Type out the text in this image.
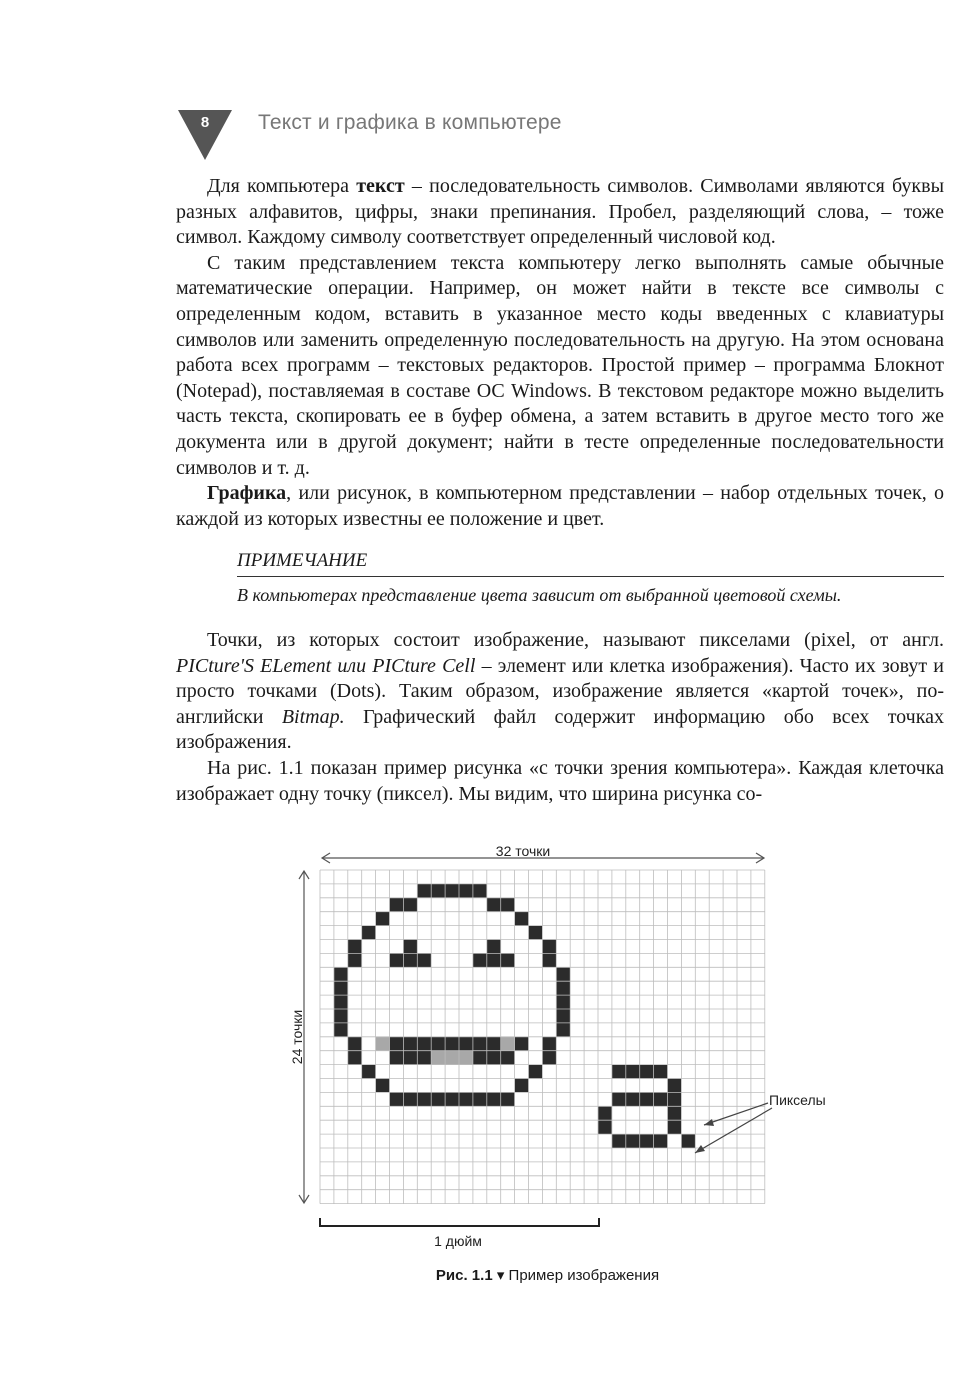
8	Текст и графика в компьютере

Для компьютера текст – последовательность символов. Символами являются буквы разных алфавитов, цифры, знаки препинания. Пробел, разделяющий слова, – тоже символ. Каждому символу соответствует определенный числовой код.

С таким представлением текста компьютеру легко выполнять самые обычные математические операции. Например, он может найти в тексте все символы с определенным кодом, вставить в указанное место коды введенных с клавиатуры символов или заменить определенную последовательность на другую. На этом основана работа всех программ – текстовых редакторов. Простой пример – программа Блокнот (Notepad), поставляемая в составе ОС Windows. В текстовом редакторе можно выделить часть текста, скопировать ее в буфер обмена, а затем вставить в другое место того же документа или в другой документ; найти в тесте определенные последовательности символов и т. д.

Графика, или рисунок, в компьютерном представлении – набор отдельных точек, о каждой из которых известны ее положение и цвет.

ПРИМЕЧАНИЕ
В компьютерах представление цвета зависит от выбранной цветовой схемы.

Точки, из которых состоит изображение, называют пикселами (pixel, от англ. PICture'S ELement или PICture Cell – элемент или клетка изображения). Часто их зовут и просто точками (Dots). Таким образом, изображение является «картой точек», по-английски Bitmap. Графический файл содержит информацию обо всех точках изображения.

На рис. 1.1 показан пример рисунка «с точки зрения компьютера». Каждая клеточка изображает одну точку (пиксел). Мы видим, что ширина рисунка со-

32 точки
24 точки
Пикселы
1 дюйм
Рис. 1.1 ▾ Пример изображения
